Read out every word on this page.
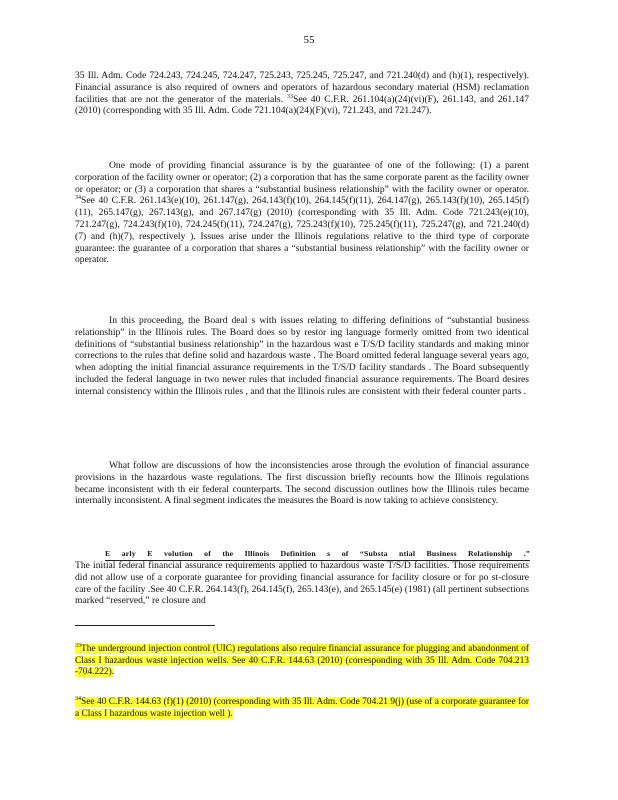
55

35 Ill. Adm. Code 724.243, 724.245, 724.247, 725.243, 725.245, 725.247, and 721.240(d) and (h)(1), respectively). Financial assurance is also required of owners and operators of hazardous secondary material (HSM) reclamation facilities that are not the generator of the materials. $^{33}$See 40 C.F.R. 261.104(a)(24)(vi)(F), 261.143, and 261.147 (2010) (corresponding with 35 Ill. Adm. Code 721.104(a)(24)(F)(vi), 721.243, and 721.247).

One mode of providing financial assurance is by the guarantee of one of the following: (1) a parent corporation of the facility owner or operator; (2) a corporation that has the same corporate parent as the facility owner or operator; or (3) a corporation that shares a “substantial business relationship” with the facility owner or operator. $^{34}$See 40 C.F.R. 261.143(e)(10), 261.147(g), 264.143(f)(10), 264.145(f)(11), 264.147(g), 265.143(f)(10), 265.145(f)(11), 265.147(g), 267.143(g), and 267.147(g) (2010) (corresponding with 35 Ill. Adm. Code 721.243(e)(10), 721.247(g), 724.243(f)(10), 724.245(f)(11), 724.247(g), 725.243(f)(10), 725.245(f)(11), 725.247(g), and 721.240(d)(7) and (h)(7), respectively ). Issues arise under the Illinois regulations relative to the third type of corporate guarantee: the guarantee of a corporation that shares a “substantial business relationship” with the facility owner or operator.

In this proceeding, the Board deal s with issues relating to differing definitions of “substantial business relationship” in the Illinois rules. The Board does so by restor ing language formerly omitted from two identical definitions of “substantial business relationship” in the hazardous wast e T/S/D facility standards and making minor corrections to the rules that define solid and hazardous waste . The Board omitted federal language several years ago, when adopting the initial financial assurance requirements in the T/S/D facility standards . The Board subsequently included the federal language in two newer rules that included financial assurance requirements. The Board desires internal consistency within the Illinois rules , and that the Illinois rules are consistent with their federal counter parts .

What follow are discussions of how the inconsistencies arose through the evolution of financial assurance provisions in the hazardous waste regulations. The first discussion briefly recounts how the Illinois regulations became inconsistent with th eir federal counterparts. The second discussion outlines how the Illinois rules became internally inconsistent. A final segment indicates the measures the Board is now taking to achieve consistency.

E arly E volution of the Illinois Definition s of “Substa ntial Business Relationship .”

The initial federal financial assurance requirements applied to hazardous waste T/S/D facilities. Those requirements did not allow use of a corporate guarantee for providing financial assurance for facility closure or for po st-closure care of the facility .See 40 C.F.R. 264.143(f), 264.145(f), 265.143(e), and 265.145(e) (1981) (all pertinent subsections marked “reserved,” re closure and

$^{33}$The underground injection control (UIC) regulations also require financial assurance for plugging and abandonment of Class I hazardous waste injection wells. See 40 C.F.R. 144.63 (2010) (corresponding with 35 Ill. Adm. Code 704.213 -704.222).

$^{34}$See 40 C.F.R. 144.63 (f)(1) (2010) (corresponding with 35 Ill. Adm. Code 704.21 9(j) (use of a corporate guarantee for a Class I hazardous waste injection well ).
